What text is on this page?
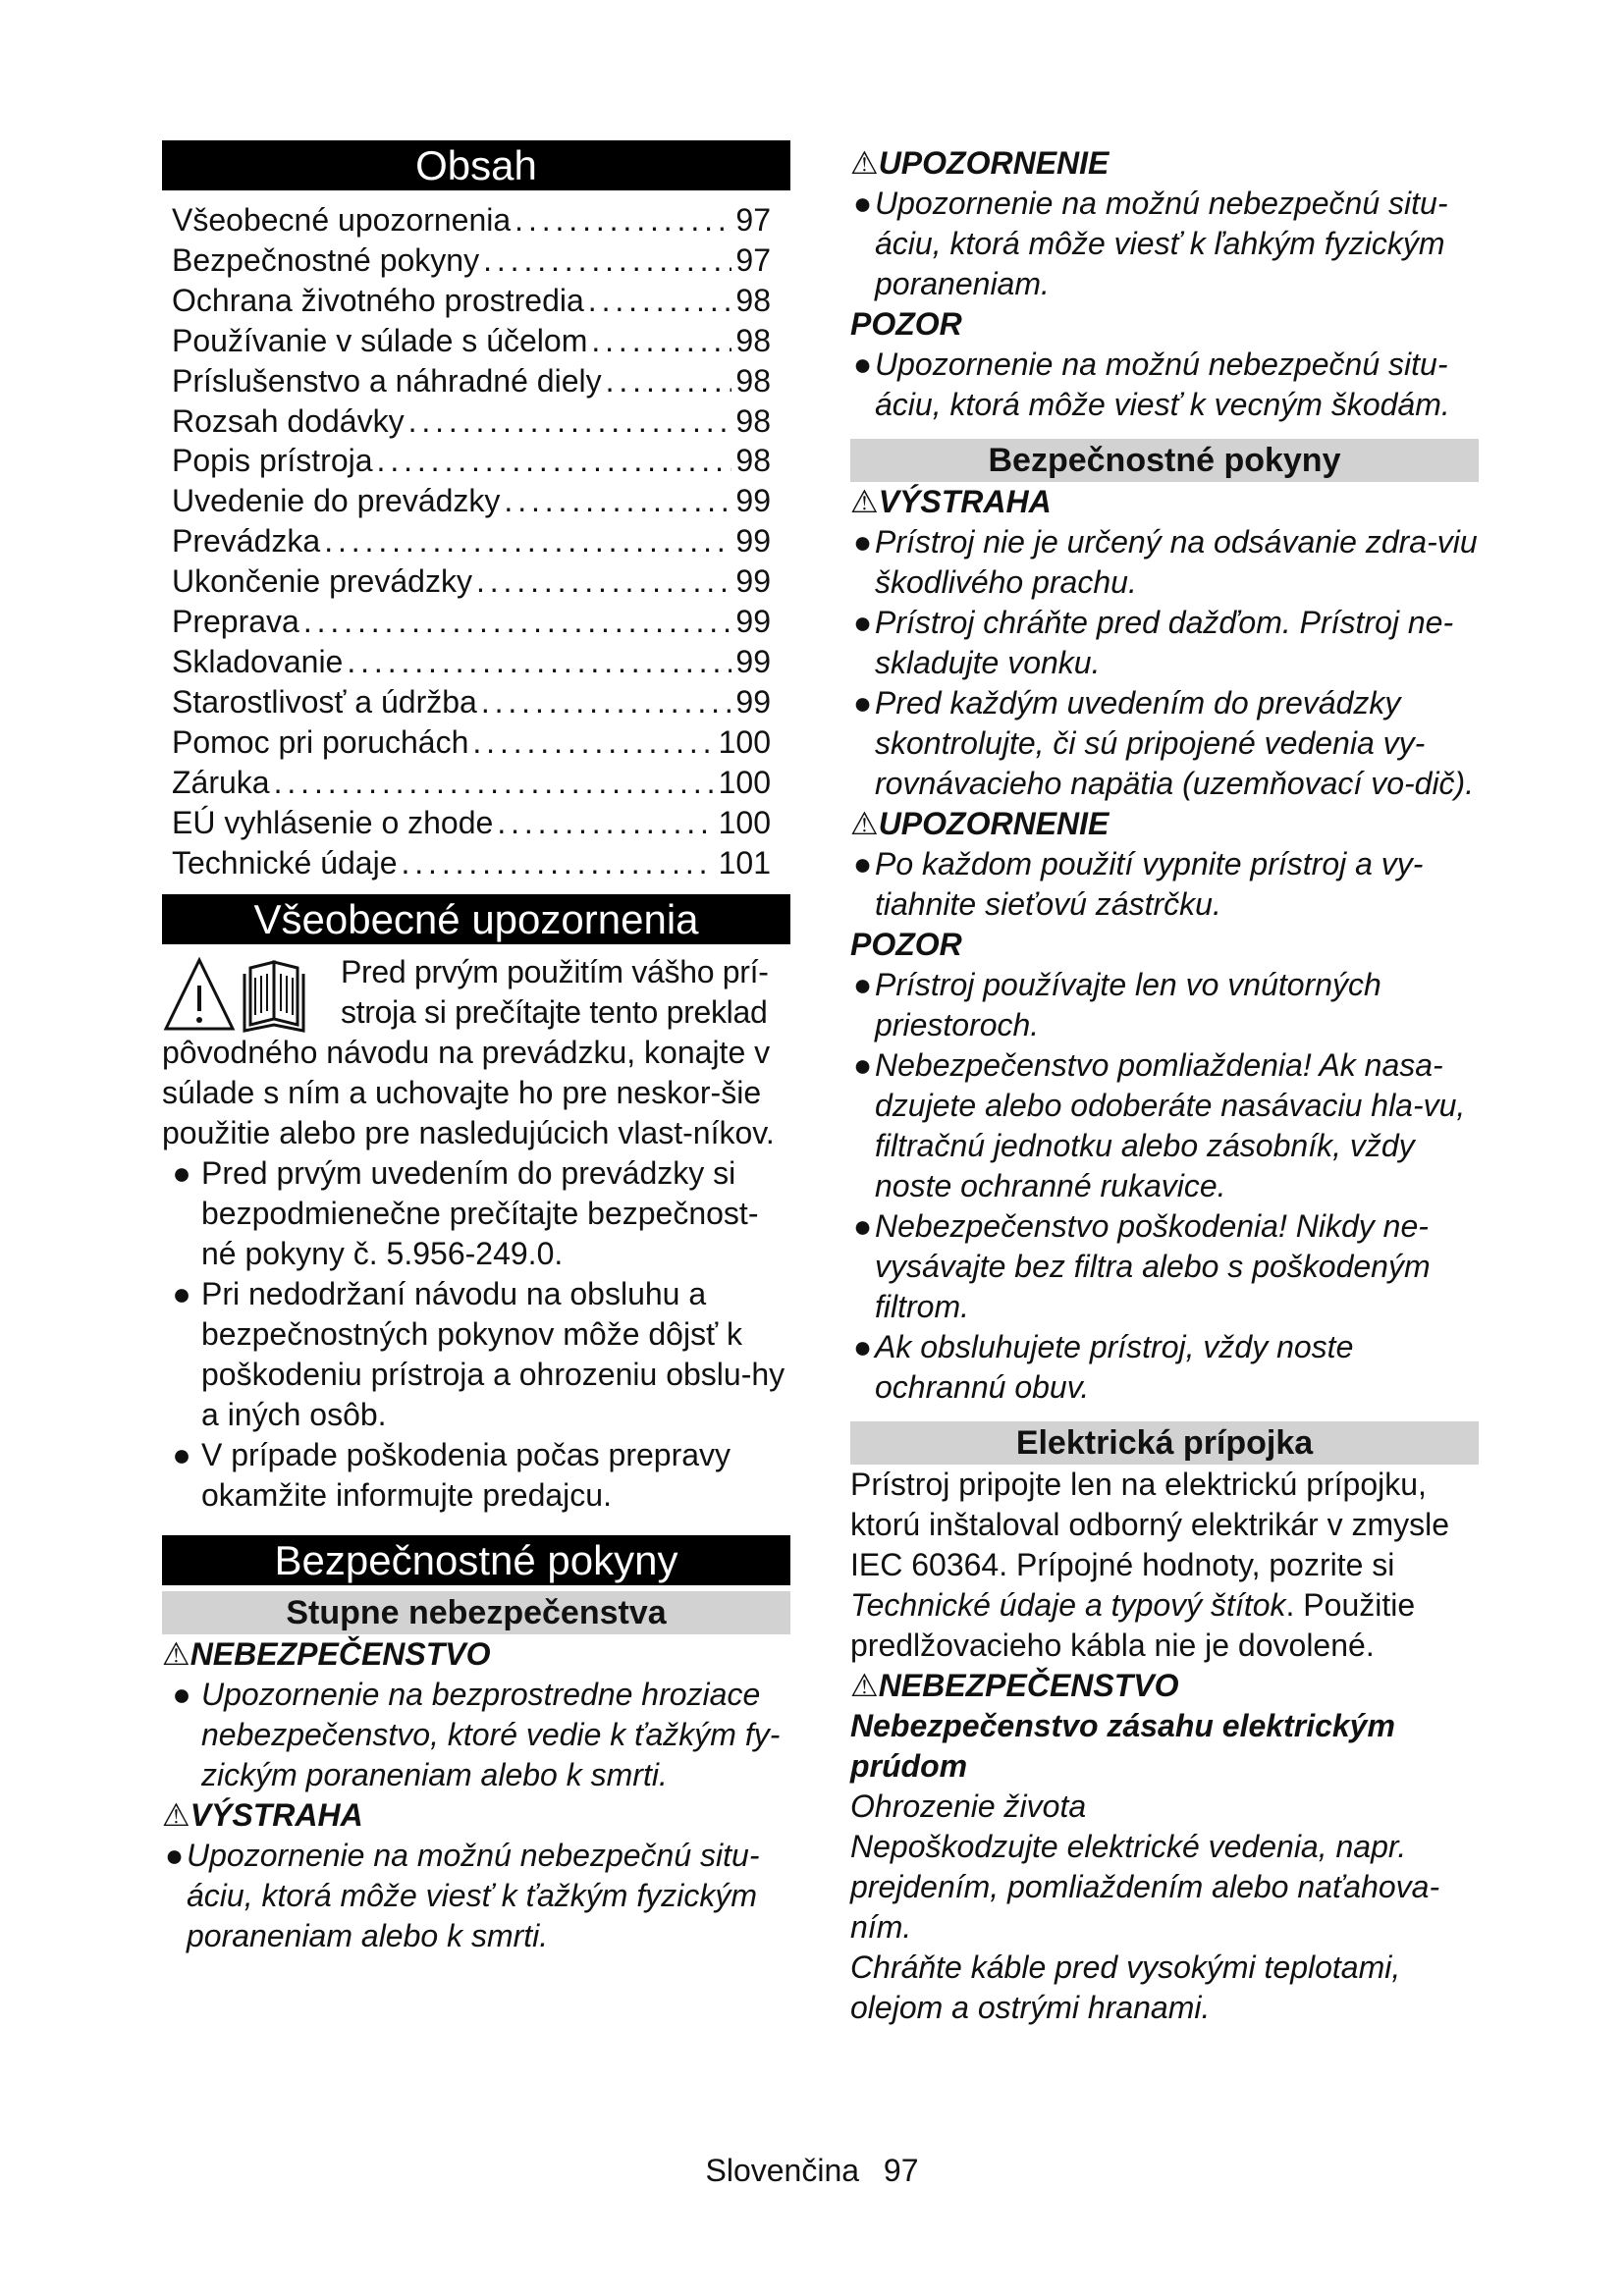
Obsah
Všeobecné upozornenia . . .	97
Bezpečnostné pokyny . . .	97
Ochrana životného prostredia . . .	98
Používanie v súlade s účelom . . .	98
Príslušenstvo a náhradné diely . . .	98
Rozsah dodávky . . .	98
Popis prístroja . . .	98
Uvedenie do prevádzky . . .	99
Prevádzka . . .	99
Ukončenie prevádzky . . .	99
Preprava . . .	99
Skladovanie . . .	99
Starostlivosť a údržba . . .	99
Pomoc pri poruchách . . .	100
Záruka . . .	100
EÚ vyhlásenie o zhode . . .	100
Technické údaje . . .	101
Všeobecné upozornenia
Pred prvým použitím vášho prí-
stroja si prečítajte tento preklad

pôvodného návodu na prevádzku, konajte v súlade s ním a uchovajte ho pre neskor-šie použitie alebo pre nasledujúcich vlast-níkov.

● Pred prvým uvedením do prevádzky si bezpodmienečne prečítajte bezpečnost-né pokyny č. 5.956-249.0.
● Pri nedodržaní návodu na obsluhu a bezpečnostných pokynov môže dôjsť k poškodeniu prístroja a ohrozeniu obslu-hy a iných osôb.
● V prípade poškodenia počas prepravy okamžite informujte predajcu.
Bezpečnostné pokyny
Stupne nebezpečenstva

⚠NEBEZPEČENSTVO

● Upozornenie na bezprostredne hroziace nebezpečenstvo, ktoré vedie k ťažkým fy-zickým poraneniam alebo k smrti.

⚠VÝSTRAHA

● Upozornenie na možnú nebezpečnú situ-áciu, ktorá môže viesť k ťažkým fyzickým poraneniam alebo k smrti.

⚠UPOZORNENIE

● Upozornenie na možnú nebezpečnú situ-áciu, ktorá môže viesť k ľahkým fyzickým poraneniam.

POZOR

● Upozornenie na možnú nebezpečnú situ-áciu, ktorá môže viesť k vecným škodám.
Bezpečnostné pokyny

⚠VÝSTRAHA

● Prístroj nie je určený na odsávanie zdra-viu škodlivého prachu.
● Prístroj chráňte pred dažďom. Prístroj ne-skladujte vonku.
● Pred každým uvedením do prevádzky skontrolujte, či sú pripojené vedenia vy-rovnávacieho napätia (uzemňovací vo-dič).

⚠UPOZORNENIE

● Po každom použití vypnite prístroj a vy-tiahnite sieťovú zástrčku.

POZOR

● Prístroj používajte len vo vnútorných priestoroch.
● Nebezpečenstvo pomliaždenia! Ak nasa-dzujete alebo odoberáte nasávaciu hla-vu, filtračnú jednotku alebo zásobník, vždy noste ochranné rukavice.
● Nebezpečenstvo poškodenia! Nikdy ne-vysávajte bez filtra alebo s poškodeným filtrom.
● Ak obsluhujete prístroj, vždy noste ochrannú obuv.
Elektrická prípojka

Prístroj pripojte len na elektrickú prípojku, ktorú inštaloval odborný elektrikár v zmysle IEC 60364. Prípojné hodnoty, pozrite si Technické údaje a typový štítok. Použitie predlžovacieho kábla nie je dovolené.

⚠NEBEZPEČENSTVO

Nebezpečenstvo zásahu elektrickým prúdom

Ohrozenie života

Nepoškodzujte elektrické vedenia, napr. prejdením, pomliaždením alebo naťahova-ním.

Chráňte káble pred vysokými teplotami, olejom a ostrými hranami.

Slovenčina 97
